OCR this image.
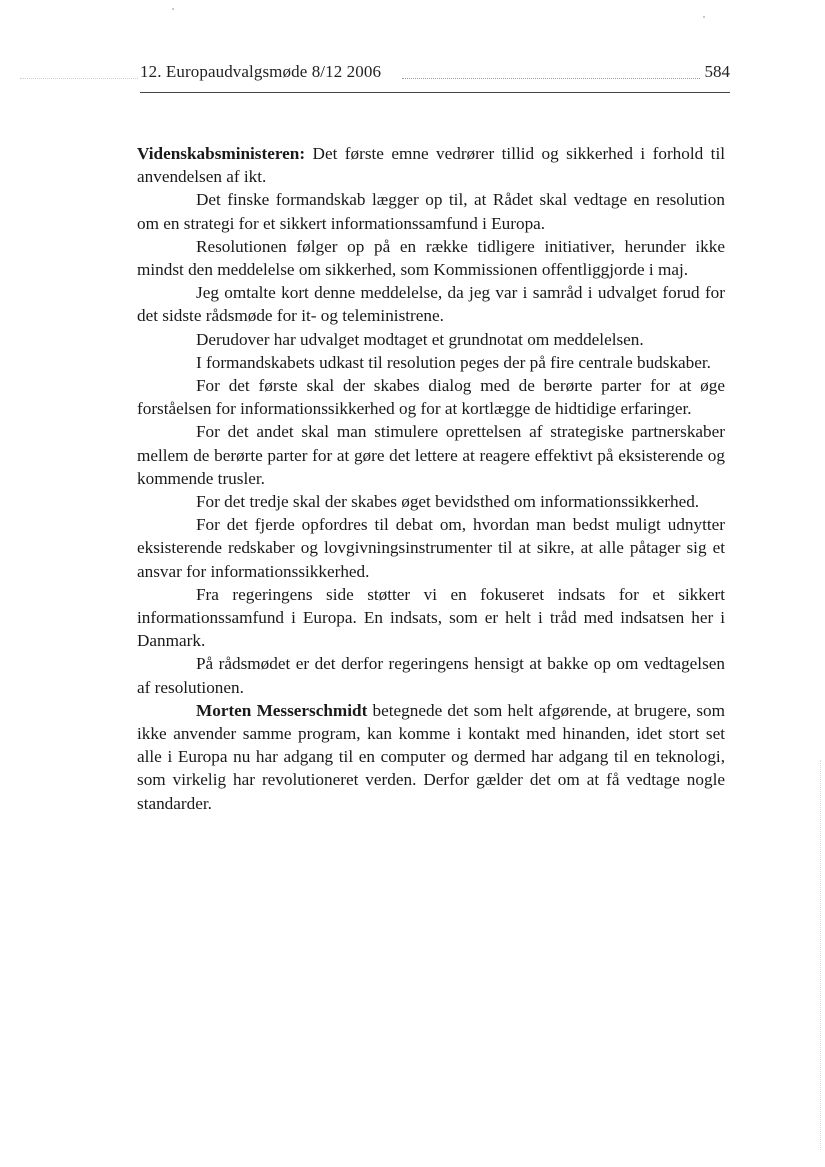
12. Europaudvalgsmøde 8/12 2006	584

Videnskabsministeren: Det første emne vedrører tillid og sikkerhed i forhold til anvendelsen af ikt.

Det finske formandskab lægger op til, at Rådet skal vedtage en resolution om en strategi for et sikkert informationssamfund i Europa.

Resolutionen følger op på en række tidligere initiativer, herunder ikke mindst den meddelelse om sikkerhed, som Kommissionen offentliggjorde i maj.

Jeg omtalte kort denne meddelelse, da jeg var i samråd i udvalget forud for det sidste rådsmøde for it- og teleministrene.

Derudover har udvalget modtaget et grundnotat om meddelelsen.

I formandskabets udkast til resolution peges der på fire centrale budskaber.

For det første skal der skabes dialog med de berørte parter for at øge forståelsen for informationssikkerhed og for at kortlægge de hidtidige erfaringer.

For det andet skal man stimulere oprettelsen af strategiske partnerskaber mellem de berørte parter for at gøre det lettere at reagere effektivt på eksisterende og kommende trusler.

For det tredje skal der skabes øget bevidsthed om informationssikkerhed.

For det fjerde opfordres til debat om, hvordan man bedst muligt udnytter eksisterende redskaber og lovgivningsinstrumenter til at sikre, at alle påtager sig et ansvar for informationssikkerhed.

Fra regeringens side støtter vi en fokuseret indsats for et sikkert informationssamfund i Europa. En indsats, som er helt i tråd med indsatsen her i Danmark.

På rådsmødet er det derfor regeringens hensigt at bakke op om vedtagelsen af resolutionen.

Morten Messerschmidt betegnede det som helt afgørende, at brugere, som ikke anvender samme program, kan komme i kontakt med hinanden, idet stort set alle i Europa nu har adgang til en computer og dermed har adgang til en teknologi, som virkelig har revolutioneret verden. Derfor gælder det om at få vedtage nogle standarder.
